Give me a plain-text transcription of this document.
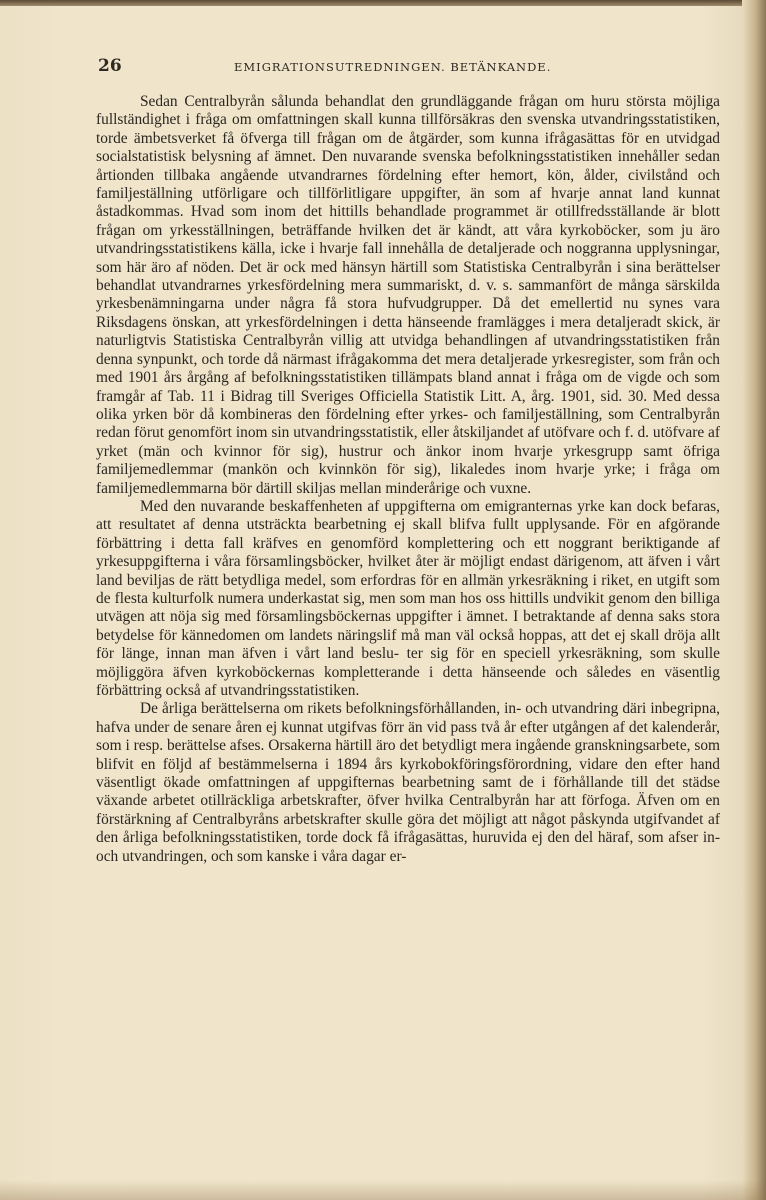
26	EMIGRATIONSUTREDNINGEN. BETÄNKANDE.

Sedan Centralbyrån sålunda behandlat den grundläggande frågan om huru största möjliga fullständighet i fråga om omfattningen skall kunna tillförsäkras den svenska utvandringsstatistiken, torde ämbetsverket få öfverga till frågan om de åtgärder, som kunna ifrågasättas för en utvidgad socialstatistisk belysning af ämnet. Den nuvarande svenska befolkningsstatistiken innehåller sedan årtionden tillbaka angående utvandrarnes fördelning efter hemort, kön, ålder, civilstånd och familjeställning utförligare och tillförlitligare uppgifter, än som af hvarje annat land kunnat åstadkommas. Hvad som inom det hittills behandlade programmet är otillfredsställande är blott frågan om yrkesställningen, beträffande hvilken det är kändt, att våra kyrkoböcker, som ju äro utvandringsstatistikens källa, icke i hvarje fall innehålla de detaljerade och noggranna upplysningar, som här äro af nöden. Det är ock med hänsyn härtill som Statistiska Centralbyrån i sina berättelser behandlat utvandrarnes yrkesfördelning mera summariskt, d. v. s. sammanfört de många särskilda yrkesbenämningarna under några få stora hufvudgrupper. Då det emellertid nu synes vara Riksdagens önskan, att yrkesfördelningen i detta hänseende framlägges i mera detaljeradt skick, är naturligtvis Statistiska Centralbyrån villig att utvidga behandlingen af utvandringsstatistiken från denna synpunkt, och torde då närmast ifrågakomma det mera detaljerade yrkesregister, som från och med 1901 års årgång af befolkningsstatistiken tillämpats bland annat i fråga om de vigde och som framgår af Tab. 11 i Bidrag till Sveriges Officiella Statistik Litt. A, årg. 1901, sid. 30. Med dessa olika yrken bör då kombineras den fördelning efter yrkes- och familjeställning, som Centralbyrån redan förut genomfört inom sin utvandringsstatistik, eller åtskiljandet af utöfvare och f. d. utöfvare af yrket (män och kvinnor för sig), hustrur och änkor inom hvarje yrkesgrupp samt öfriga familjemedlemmar (mankön och kvinnkön för sig), likaledes inom hvarje yrke; i fråga om familjemedlemmarna bör därtill skiljas mellan minderårige och vuxne.

Med den nuvarande beskaffenheten af uppgifterna om emigranternas yrke kan dock befaras, att resultatet af denna utsträckta bearbetning ej skall blifva fullt upplysande. För en afgörande förbättring i detta fall kräfves en genomförd komplettering och ett noggrant beriktigande af yrkesuppgifterna i våra församlingsböcker, hvilket åter är möjligt endast därigenom, att äfven i vårt land beviljas de rätt betydliga medel, som erfordras för en allmän yrkesräkning i riket, en utgift som de flesta kulturfolk numera underkastat sig, men som man hos oss hittills undvikit genom den billiga utvägen att nöja sig med församlingsböckernas uppgifter i ämnet. I betraktande af denna saks stora betydelse för kännedomen om landets näringslif må man väl också hoppas, att det ej skall dröja allt för länge, innan man äfven i vårt land beslu- ter sig för en speciell yrkesräkning, som skulle möjliggöra äfven kyrkoböckernas kompletterande i detta hänseende och således en väsentlig förbättring också af utvandringsstatistiken.

De årliga berättelserna om rikets befolkningsförhållanden, in- och utvandring däri inbegripna, hafva under de senare åren ej kunnat utgifvas förr än vid pass två år efter utgången af det kalenderår, som i resp. berättelse afses. Orsakerna härtill äro det betydligt mera ingående granskningsarbete, som blifvit en följd af bestämmelserna i 1894 års kyrkobokföringsförordning, vidare den efter hand väsentligt ökade omfattningen af uppgifternas bearbetning samt de i förhållande till det städse växande arbetet otillräckliga arbetskrafter, öfver hvilka Centralbyrån har att förfoga. Äfven om en förstärkning af Centralbyråns arbetskrafter skulle göra det möjligt att något påskynda utgifvandet af den årliga befolkningsstatistiken, torde dock få ifrågasättas, huruvida ej den del häraf, som afser in- och utvandringen, och som kanske i våra dagar er-
